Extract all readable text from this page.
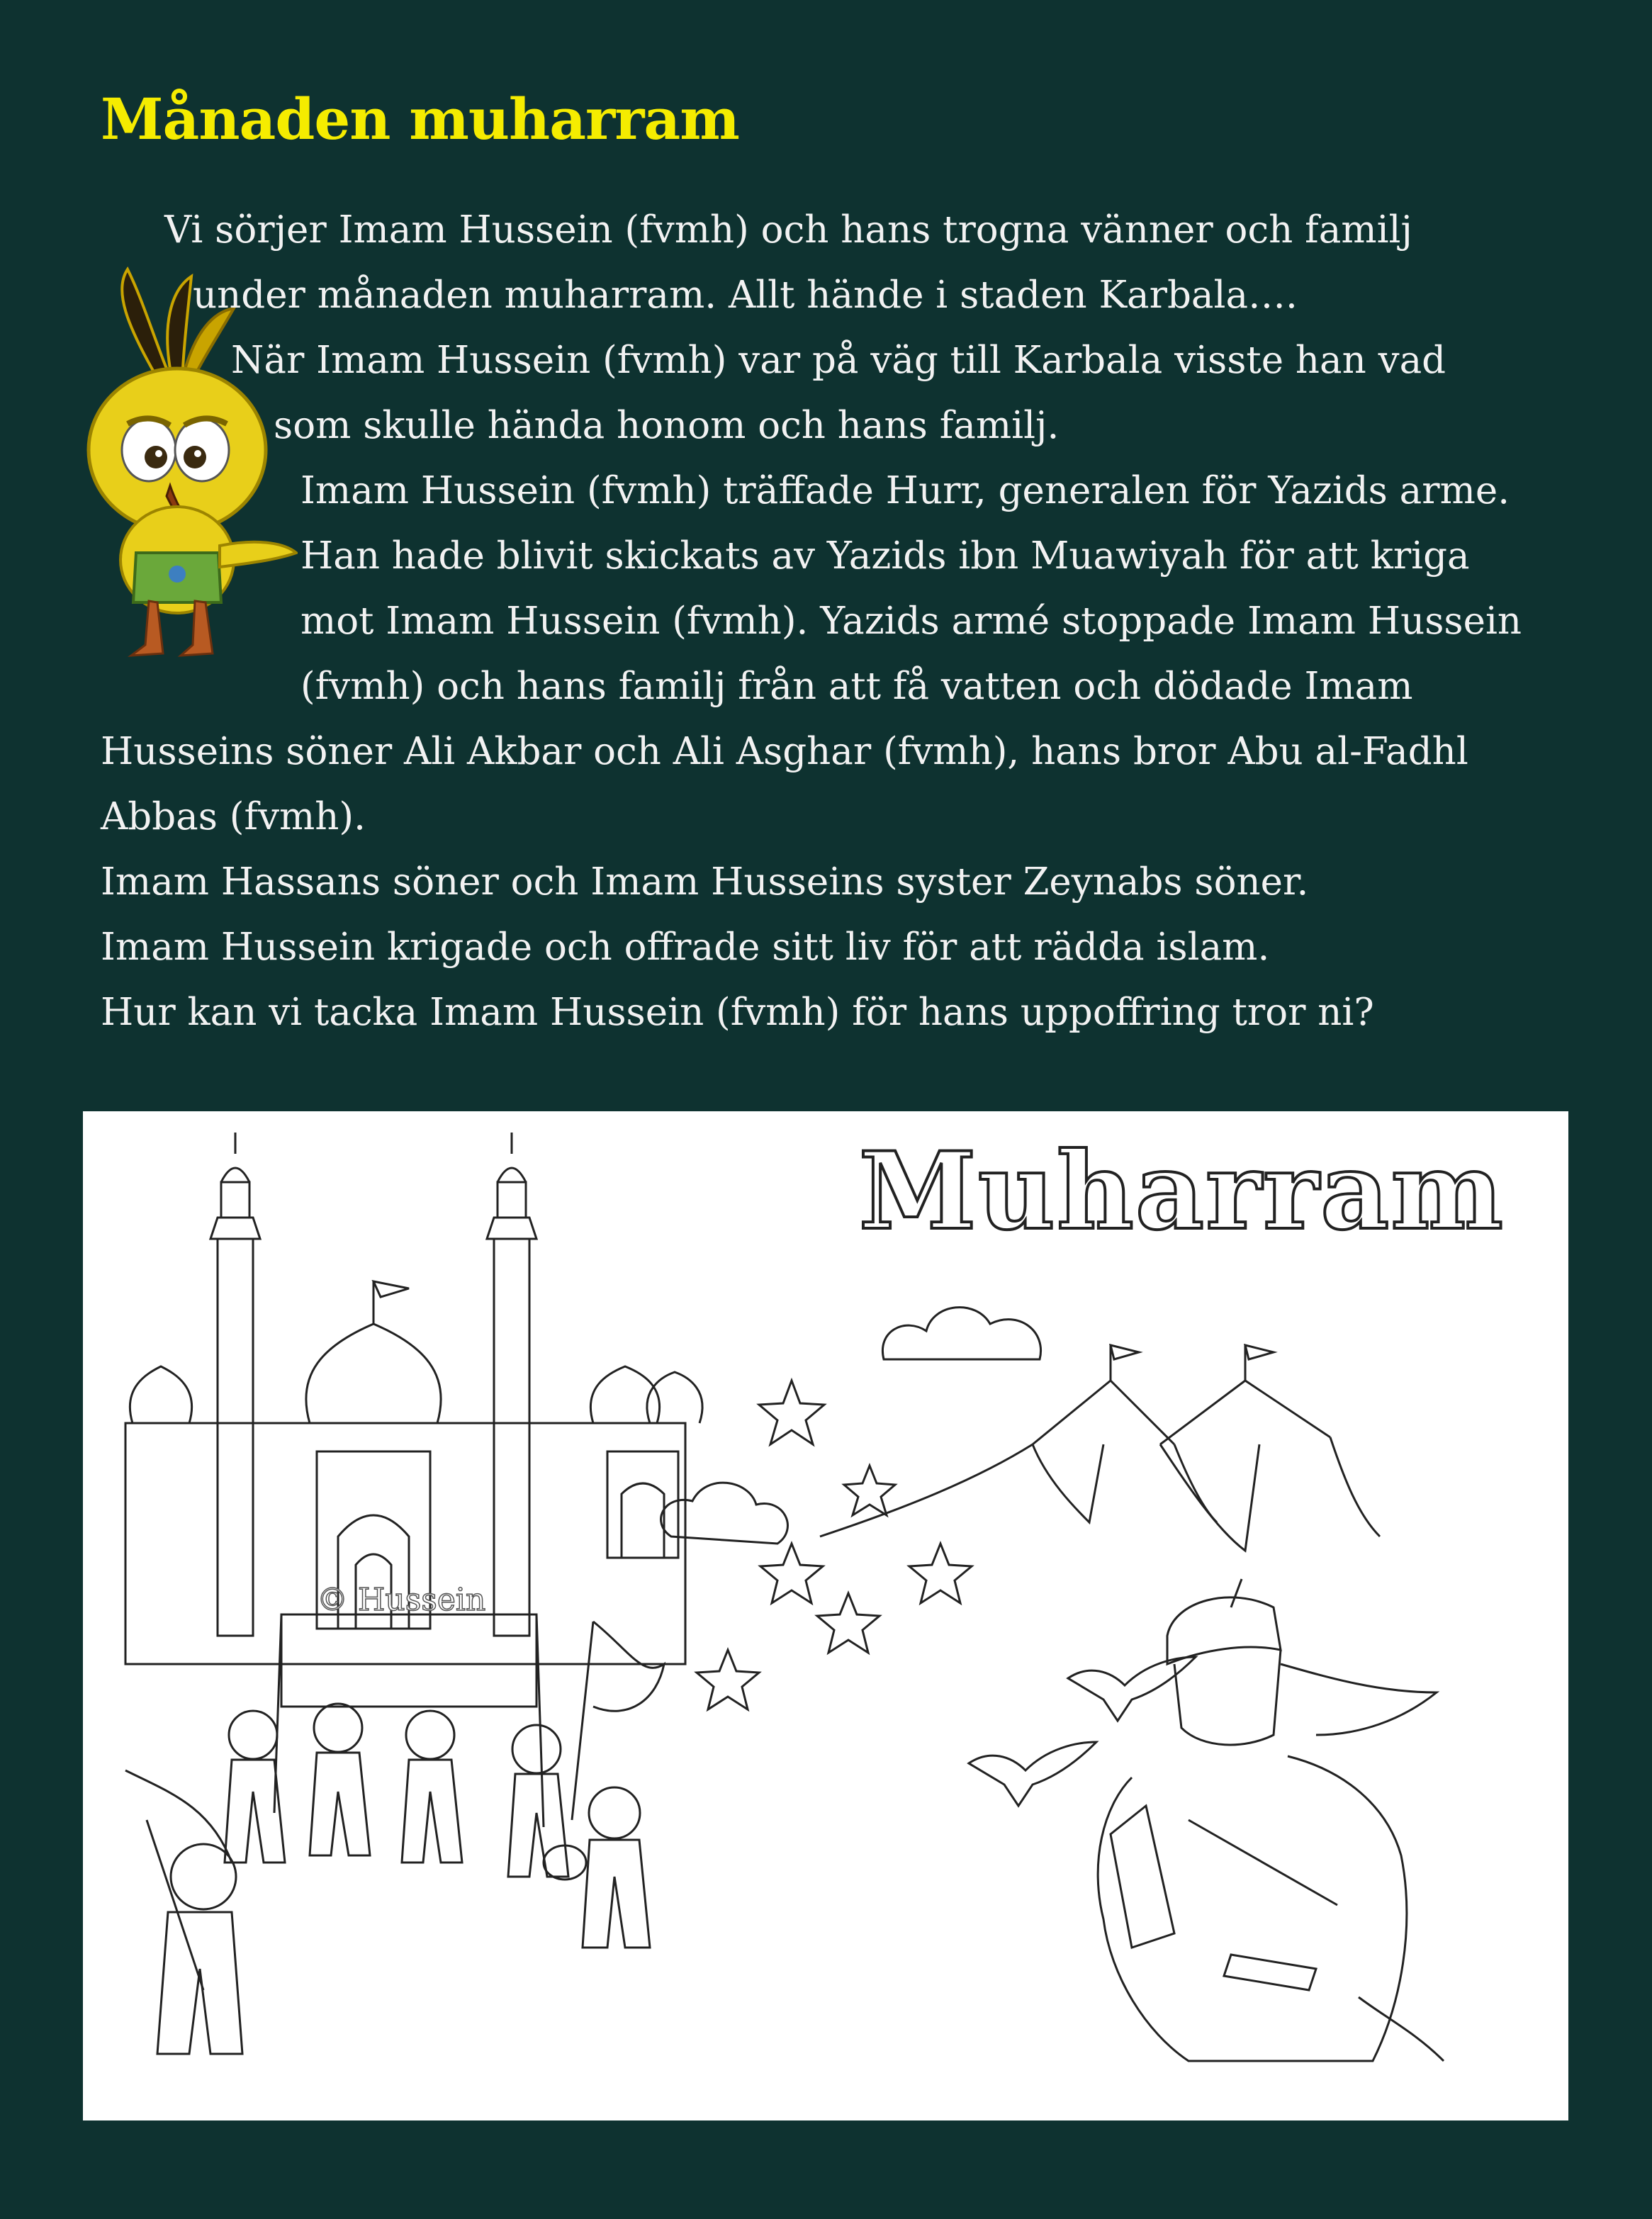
Månaden muharram

Vi sörjer Imam Hussein (fvmh) och hans trogna vänner och familj

under månaden muharram. Allt hände i staden Karbala….

När Imam Hussein (fvmh) var på väg till Karbala visste han vad

som skulle hända honom och hans familj.

Imam Hussein (fvmh) träffade Hurr, generalen för Yazids arme.

Han hade blivit skickats av Yazids ibn Muawiyah för att kriga

mot Imam Hussein (fvmh). Yazids armé stoppade Imam Hussein

(fvmh) och hans familj från att få vatten och dödade Imam

Husseins söner Ali Akbar och Ali Asghar (fvmh), hans bror Abu al-Fadhl

Abbas (fvmh).

Imam Hassans söner och Imam Husseins syster Zeynabs söner.

Imam Hussein krigade och offrade sitt liv för att rädda islam.

Hur kan vi tacka Imam Hussein (fvmh) för hans uppoffring tror ni?

Muharram

© Hussein
